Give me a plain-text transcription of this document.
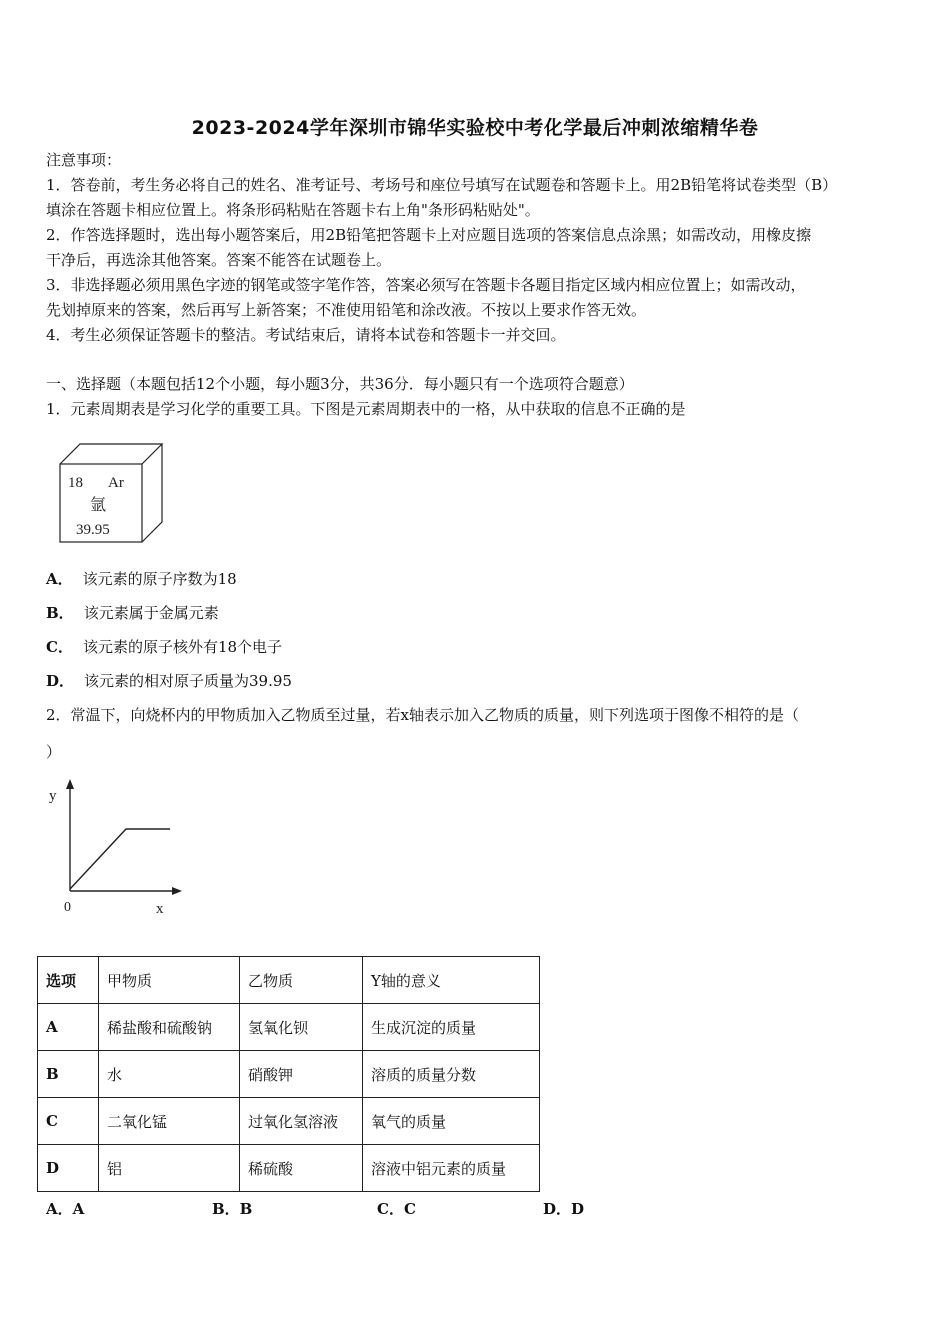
2023-2024学年深圳市锦华实验校中考化学最后冲刺浓缩精华卷
注意事项：
1．答卷前，考生务必将自己的姓名、准考证号、考场号和座位号填写在试题卷和答题卡上。用2B铅笔将试卷类型（B）
填涂在答题卡相应位置上。将条形码粘贴在答题卡右上角"条形码粘贴处"。
2．作答选择题时，选出每小题答案后，用2B铅笔把答题卡上对应题目选项的答案信息点涂黑；如需改动，用橡皮擦
干净后，再选涂其他答案。答案不能答在试题卷上。
3．非选择题必须用黑色字迹的钢笔或签字笔作答，答案必须写在答题卡各题目指定区域内相应位置上；如需改动，
先划掉原来的答案，然后再写上新答案；不准使用铅笔和涂改液。不按以上要求作答无效。
4．考生必须保证答题卡的整洁。考试结束后，请将本试卷和答题卡一并交回。
一、选择题（本题包括12个小题，每小题3分，共36分．每小题只有一个选项符合题意）
1．元素周期表是学习化学的重要工具。下图是元素周期表中的一格，从中获取的信息不正确的是
18 Ar
氩
39.95
A． 该元素的原子序数为18
B． 该元素属于金属元素
C． 该元素的原子核外有18个电子
D． 该元素的相对原子质量为39.95
2．常温下，向烧杯内的甲物质加入乙物质至过量，若x轴表示加入乙物质的质量，则下列选项于图像不相符的是（
）
y
x
0
选项	甲物质	乙物质	Y轴的意义
A	稀盐酸和硫酸钠	氢氧化钡	生成沉淀的质量
B	水	硝酸钾	溶质的质量分数
C	二氧化锰	过氧化氢溶液	氧气的质量
D	铝	稀硫酸	溶液中铝元素的质量
A．A	B．B	C．C	D．D
